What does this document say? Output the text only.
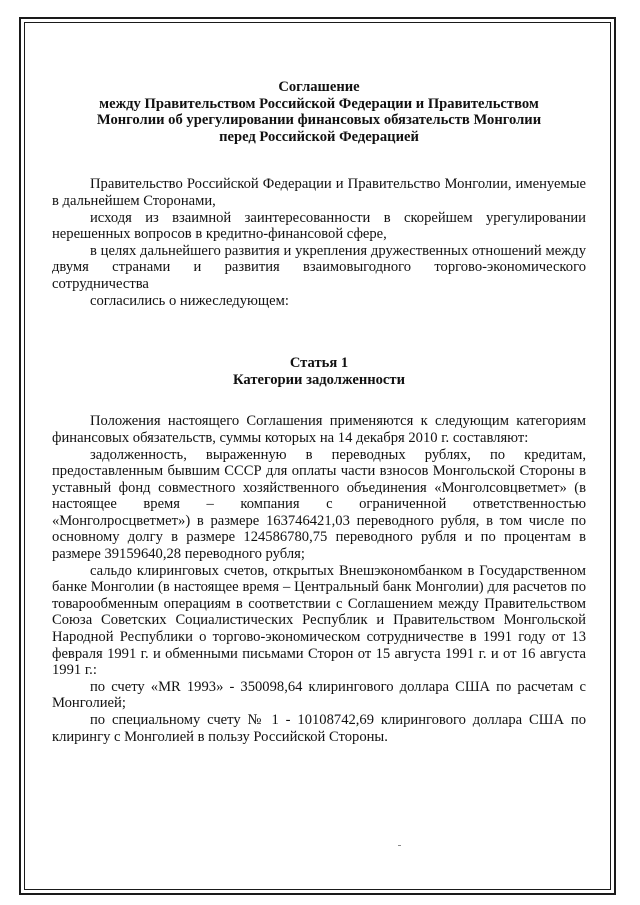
Соглашение

между Правительством Российской Федерации и Правительством

Монголии об урегулировании финансовых обязательств Монголии

перед Российской Федерацией

Правительство Российской Федерации и Правительство Монголии, именуемые в дальнейшем Сторонами,

исходя из взаимной заинтересованности в скорейшем урегулировании нерешенных вопросов в кредитно-финансовой сфере,

в целях дальнейшего развития и укрепления дружественных отношений между двумя странами и развития взаимовыгодного торгово-экономического сотрудничества

согласились о нижеследующем:

Статья 1

Категории задолженности

Положения настоящего Соглашения применяются к следующим категориям финансовых обязательств, суммы которых на 14 декабря 2010 г. составляют:

задолженность, выраженную в переводных рублях, по кредитам, предоставленным бывшим СССР для оплаты части взносов Монгольской Стороны в уставный фонд совместного хозяйственного объединения «Монголсовцветмет» (в настоящее время – компания с ограниченной ответственностью «Монголросцветмет») в размере 163746421,03 переводного рубля, в том числе по основному долгу в размере 124586780,75 переводного рубля и по процентам в размере 39159640,28 переводного рубля;

сальдо клиринговых счетов, открытых Внешэкономбанком в Государственном банке Монголии (в настоящее время – Центральный банк Монголии) для расчетов по товарообменным операциям в соответствии с Соглашением между Правительством Союза Советских Социалистических Республик и Правительством Монгольской Народной Республики о торгово-экономическом сотрудничестве в 1991 году от 13 февраля 1991 г. и обменными письмами Сторон от 15 августа 1991 г. и от 16 августа 1991 г.:

по счету «MR 1993» - 350098,64 клирингового доллара США по расчетам с Монголией;

по специальному счету № 1 - 10108742,69 клирингового доллара США по клирингу с Монголией в пользу Российской Стороны.
